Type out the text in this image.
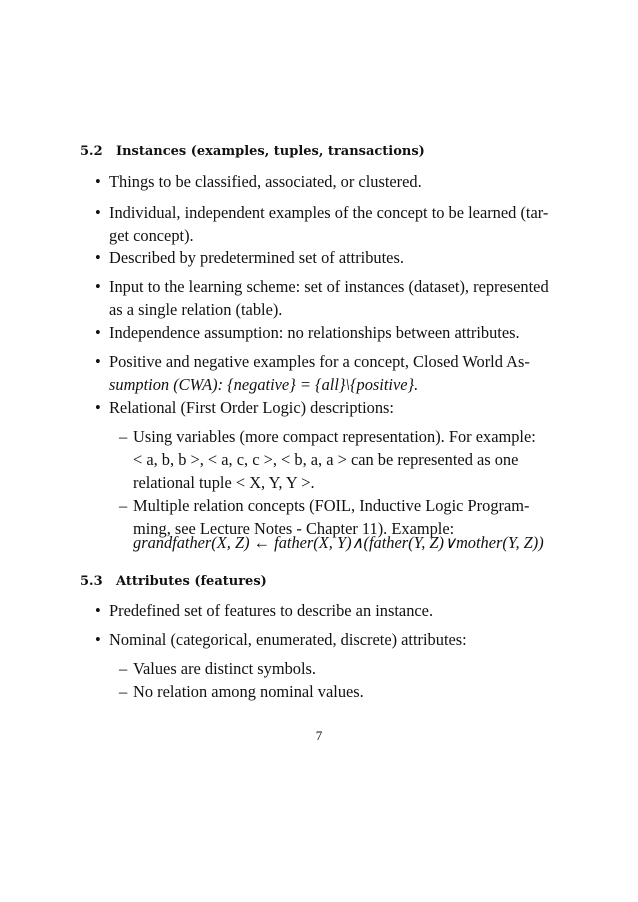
5.2 Instances (examples, tuples, transactions)
• Things to be classified, associated, or clustered.
• Individual, independent examples of the concept to be learned (tar-
get concept).
• Described by predetermined set of attributes.
• Input to the learning scheme: set of instances (dataset), represented
as a single relation (table).
• Independence assumption: no relationships between attributes.
• Positive and negative examples for a concept, Closed World As-
sumption (CWA): {negative} = {all}\{positive}.
• Relational (First Order Logic) descriptions:
– Using variables (more compact representation). For example:
< a, b, b >, < a, c, c >, < b, a, a > can be represented as one
relational tuple < X, Y, Y >.
– Multiple relation concepts (FOIL, Inductive Logic Program-
ming, see Lecture Notes - Chapter 11). Example:
grandfather(X, Z) ← father(X, Y)∧(father(Y, Z)∨mother(Y, Z))
5.3 Attributes (features)
• Predefined set of features to describe an instance.
• Nominal (categorical, enumerated, discrete) attributes:
– Values are distinct symbols.
– No relation among nominal values.
7
